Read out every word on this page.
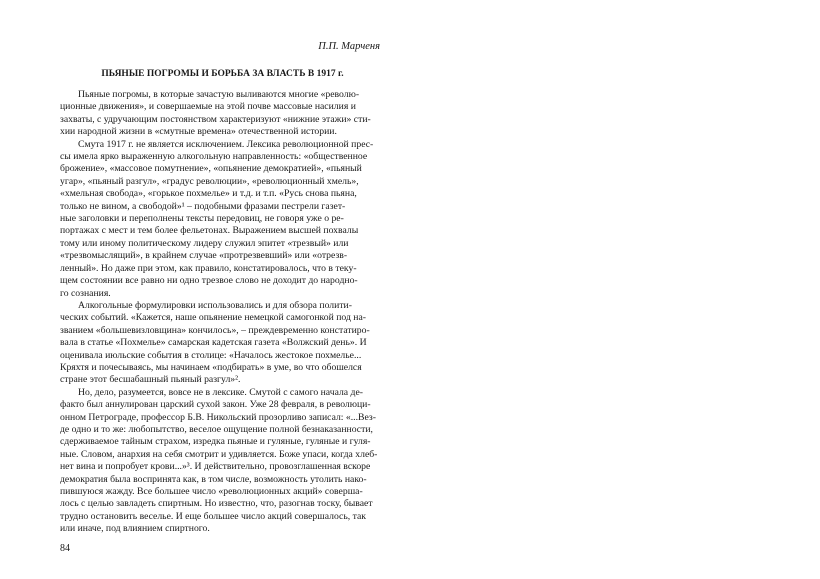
П.П. Марченя
ПЬЯНЫЕ ПОГРОМЫ И БОРЬБА ЗА ВЛАСТЬ В 1917 г.

Пьяные погромы, в которые зачастую выливаются многие «револю-
ционные движения», и совершаемые на этой почве массовые насилия и
захваты, с удручающим постоянством характеризуют «нижние этажи» сти-
хии народной жизни в «смутные времена» отечественной истории.

Смута 1917 г. не является исключением. Лексика революционной прес-
сы имела ярко выраженную алкогольную направленность: «общественное
брожение», «массовое помутнение», «опьянение демократией», «пьяный
угар», «пьяный разгул», «градус революции», «революционный хмель»,
«хмельная свобода», «горькое похмелье» и т.д. и т.п. «Русь снова пьяна,
только не вином, а свободой»¹ – подобными фразами пестрели газет-
ные заголовки и переполнены тексты передовиц, не говоря уже о ре-
портажах с мест и тем более фельетонах. Выражением высшей похвалы
тому или иному политическому лидеру служил эпитет «трезвый» или
«трезвомыслящий», в крайнем случае «протрезвевший» или «отрезв-
ленный». Но даже при этом, как правило, констатировалось, что в теку-
щем состоянии все равно ни одно трезвое слово не доходит до народно-
го сознания.

Алкогольные формулировки использовались и для обзора полити-
ческих событий. «Кажется, наше опьянение немецкой самогонкой под на-
званием «большевизловщина» кончилось», – преждевременно констатиро-
вала в статье «Похмелье» самарская кадетская газета «Волжский день». И
оценивала июльские события в столице: «Началось жестокое похмелье...
Кряхтя и почесываясь, мы начинаем «подбирать» в уме, во что обошелся
стране этот бесшабашный пьяный разгул»².

Но, дело, разумеется, вовсе не в лексике. Смутой с самого начала де-
факто был аннулирован царский сухой закон. Уже 28 февраля, в революци-
онном Петрограде, профессор Б.В. Никольский прозорливо записал: «...Вез-
де одно и то же: любопытство, веселое ощущение полной безнаказанности,
сдерживаемое тайным страхом, изредка пьяные и гуляные, гуляные и гуля-
ные. Словом, анархия на себя смотрит и удивляется. Боже упаси, когда хлеб-
нет вина и попробует крови...»³. И действительно, провозглашенная вскоре
демократия была воспринята как, в том числе, возможность утолить нако-
пившуюся жажду. Все большее число «революционных акций» соверша-
лось с целью завладеть спиртным. Но известно, что, разогнав тоску, бывает
трудно остановить веселье. И еще большее число акций совершалось, так
или иначе, под влиянием спиртного.

84
